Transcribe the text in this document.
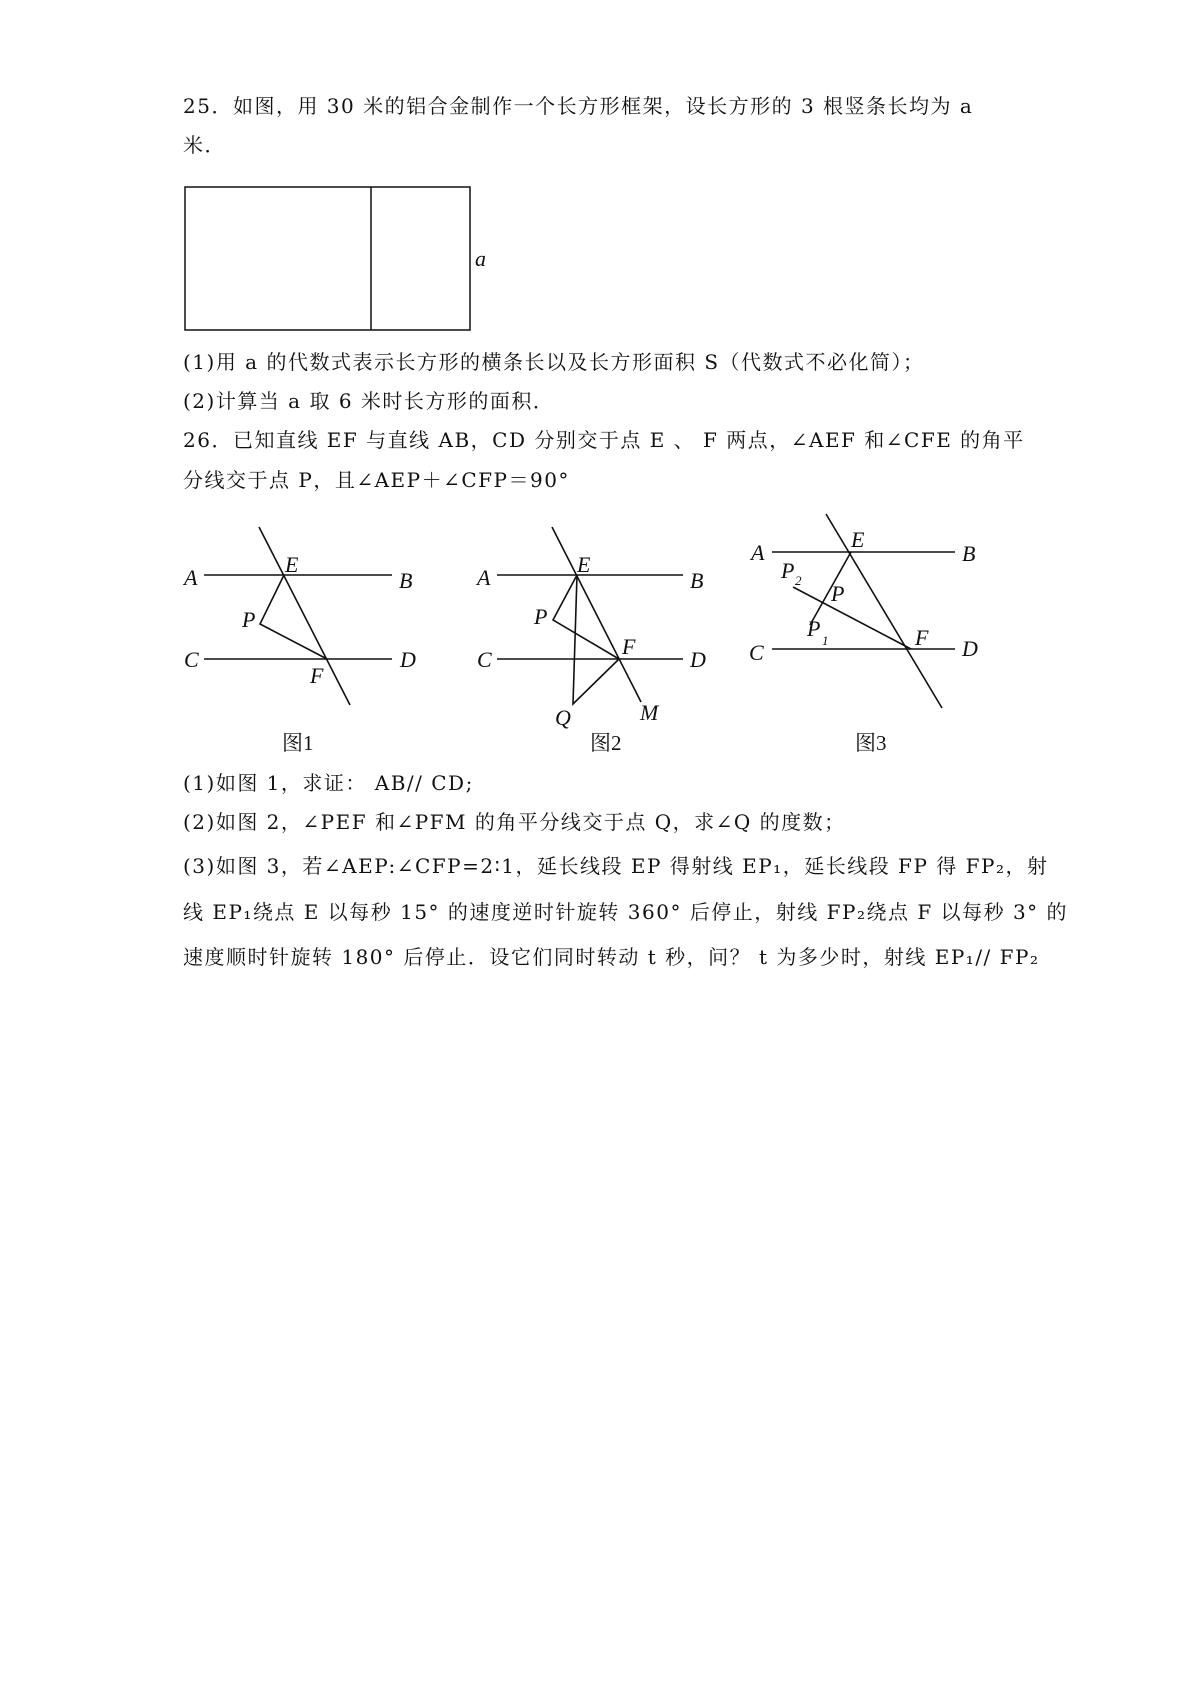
25．如图，用 30 米的铝合金制作一个长方形框架，设长方形的 3 根竖条长均为 a
米．
a
(1)用 a 的代数式表示长方形的横条长以及长方形面积 S（代数式不必化简）；
(2)计算当 a 取 6 米时长方形的面积．
26．已知直线 EF 与直线 AB，CD 分别交于点 E 、 F 两点，∠AEF 和∠CFE 的角平
分线交于点 P，且∠AEP＋∠CFP＝90°
A	B
E
P
C	D
F
图1
A	B
E
P
C	D
F
Q	M
图2
A	B
E
P 2
P
P 1
C
F D
图3
(1)如图 1，求证： AB// CD;
(2)如图 2，∠PEF 和∠PFM 的角平分线交于点 Q，求∠Q 的度数；
(3)如图 3，若∠AEP:∠CFP=2∶1，延长线段 EP 得射线 EP₁，延长线段 FP 得 FP₂，射
线 EP₁绕点 E 以每秒 15° 的速度逆时针旋转 360° 后停止，射线 FP₂绕点 F 以每秒 3° 的
速度顺时针旋转 180° 后停止．设它们同时转动 t 秒，问？ t 为多少时，射线 EP₁// FP₂
